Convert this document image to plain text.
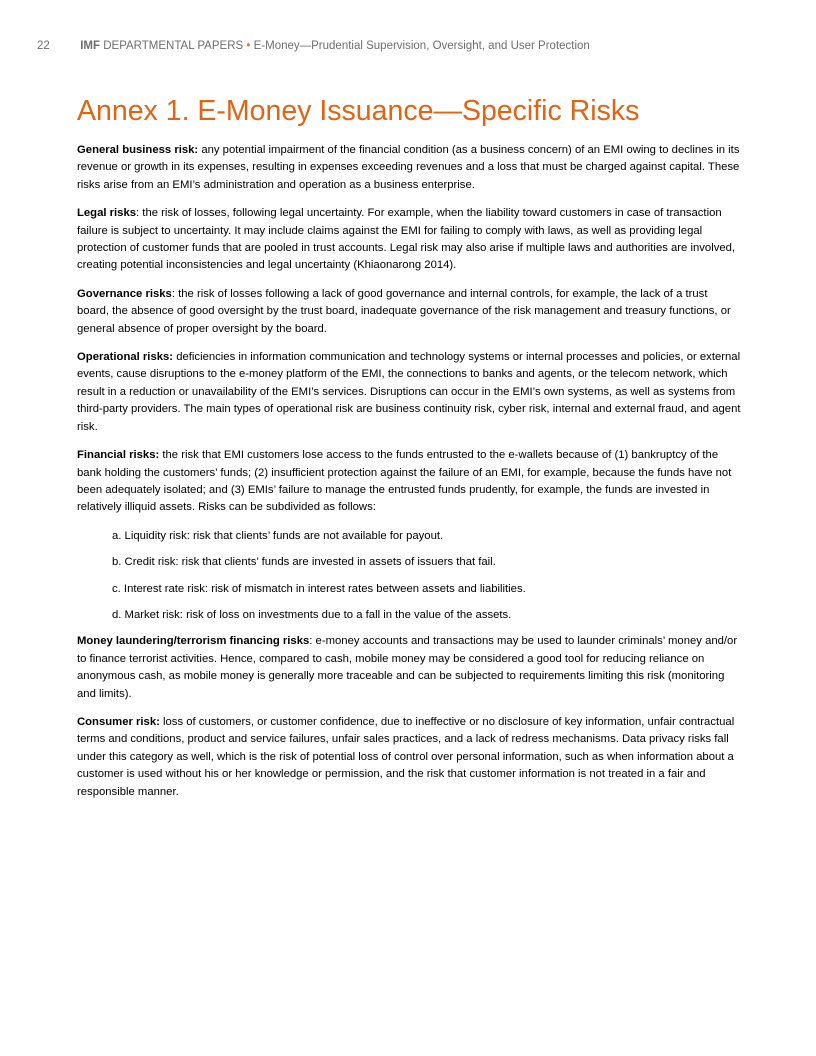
22	IMF DEPARTMENTAL PAPERS • E-Money—Prudential Supervision, Oversight, and User Protection
Annex 1. E-Money Issuance—Specific Risks

General business risk: any potential impairment of the financial condition (as a business concern) of an EMI owing to declines in its revenue or growth in its expenses, resulting in expenses exceeding revenues and a loss that must be charged against capital. These risks arise from an EMI’s administration and operation as a business enterprise.

Legal risks: the risk of losses, following legal uncertainty. For example, when the liability toward customers in case of transaction failure is subject to uncertainty. It may include claims against the EMI for failing to comply with laws, as well as providing legal protection of customer funds that are pooled in trust accounts. Legal risk may also arise if multiple laws and authorities are involved, creating potential inconsistencies and legal uncertainty (Khiaonarong 2014).

Governance risks: the risk of losses following a lack of good governance and internal controls, for example, the lack of a trust board, the absence of good oversight by the trust board, inadequate governance of the risk management and treasury functions, or general absence of proper oversight by the board.

Operational risks: deficiencies in information communication and technology systems or internal processes and policies, or external events, cause disruptions to the e-money platform of the EMI, the connections to banks and agents, or the telecom network, which result in a reduction or unavailability of the EMI’s services. Disruptions can occur in the EMI’s own systems, as well as systems from third-party providers. The main types of operational risk are business continuity risk, cyber risk, internal and external fraud, and agent risk.

Financial risks: the risk that EMI customers lose access to the funds entrusted to the e-wallets because of (1) bankruptcy of the bank holding the customers’ funds; (2) insufficient protection against the failure of an EMI, for example, because the funds have not been adequately isolated; and (3) EMIs’ failure to manage the entrusted funds prudently, for example, the funds are invested in relatively illiquid assets. Risks can be subdivided as follows:

a. Liquidity risk: risk that clients’ funds are not available for payout.
b. Credit risk: risk that clients’ funds are invested in assets of issuers that fail.
c. Interest rate risk: risk of mismatch in interest rates between assets and liabilities.
d. Market risk: risk of loss on investments due to a fall in the value of the assets.

Money laundering/terrorism financing risks: e-money accounts and transactions may be used to launder criminals’ money and/or to finance terrorist activities. Hence, compared to cash, mobile money may be considered a good tool for reducing reliance on anonymous cash, as mobile money is generally more traceable and can be subjected to requirements limiting this risk (monitoring and limits).

Consumer risk: loss of customers, or customer confidence, due to ineffective or no disclosure of key information, unfair contractual terms and conditions, product and service failures, unfair sales practices, and a lack of redress mechanisms. Data privacy risks fall under this category as well, which is the risk of potential loss of control over personal information, such as when information about a customer is used without his or her knowledge or permission, and the risk that customer information is not treated in a fair and responsible manner.
